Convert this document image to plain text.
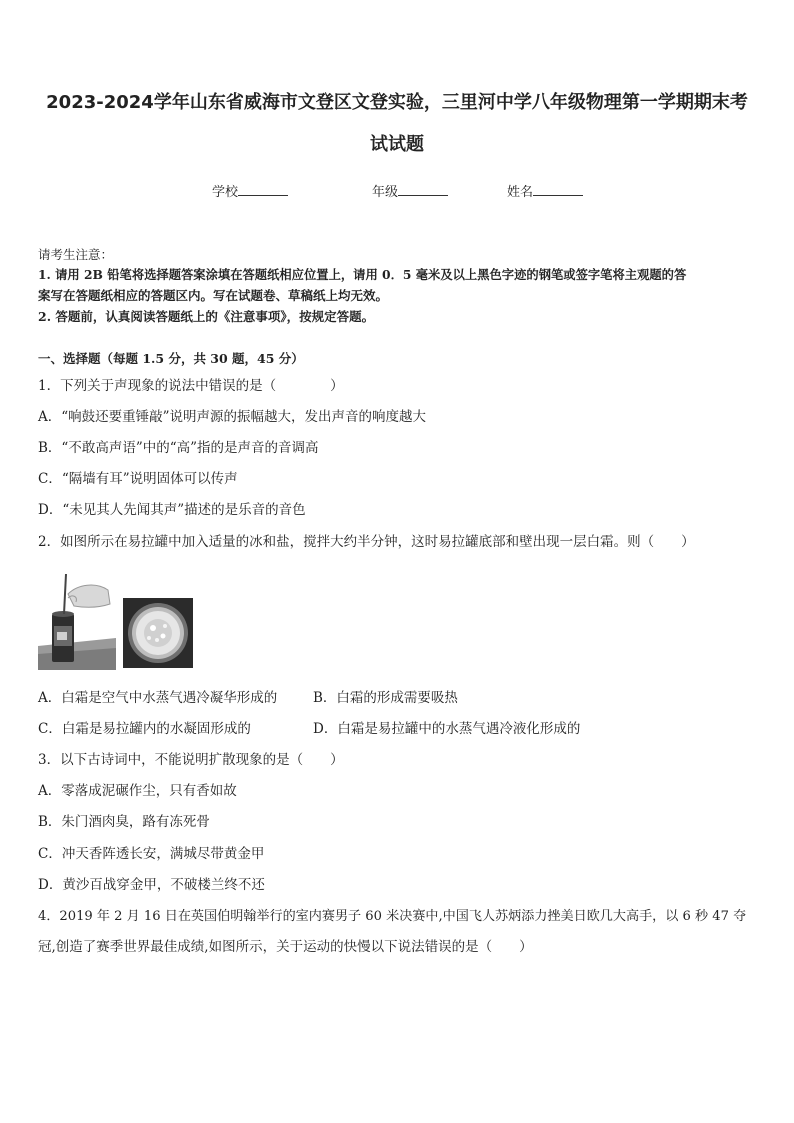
2023-2024学年山东省威海市文登区文登实验，三里河中学八年级物理第一学期期末考
试试题
学校	年级	姓名
请考生注意：
1. 请用 2B 铅笔将选择题答案涂填在答题纸相应位置上，请用 0．5 毫米及以上黑色字迹的钢笔或签字笔将主观题的答
案写在答题纸相应的答题区内。写在试题卷、草稿纸上均无效。
2. 答题前，认真阅读答题纸上的《注意事项》，按规定答题。
一、选择题（每题 1.5 分，共 30 题，45 分）
1．下列关于声现象的说法中错误的是（　　　　）
A．“响鼓还要重锤敲”说明声源的振幅越大，发出声音的响度越大
B．“不敢高声语”中的“高”指的是声音的音调高
C．“隔墙有耳”说明固体可以传声
D．“未见其人先闻其声”描述的是乐音的音色
2．如图所示在易拉罐中加入适量的冰和盐，搅拌大约半分钟，这时易拉罐底部和壁出现一层白霜。则（　　）
A．白霜是空气中水蒸气遇冷凝华形成的	B．白霜的形成需要吸热
C．白霜是易拉罐内的水凝固形成的	D．白霜是易拉罐中的水蒸气遇冷液化形成的
3．以下古诗词中，不能说明扩散现象的是（　　）
A．零落成泥碾作尘，只有香如故
B．朱门酒肉臭，路有冻死骨
C．冲天香阵透长安，满城尽带黄金甲
D．黄沙百战穿金甲，不破楼兰终不还
4．2019 年 2 月 16 日在英国伯明翰举行的室内赛男子 60 米决赛中,中国飞人苏炳添力挫美日欧几大高手，以 6 秒 47 夺
冠,创造了赛季世界最佳成绩,如图所示，关于运动的快慢以下说法错误的是（　　）
